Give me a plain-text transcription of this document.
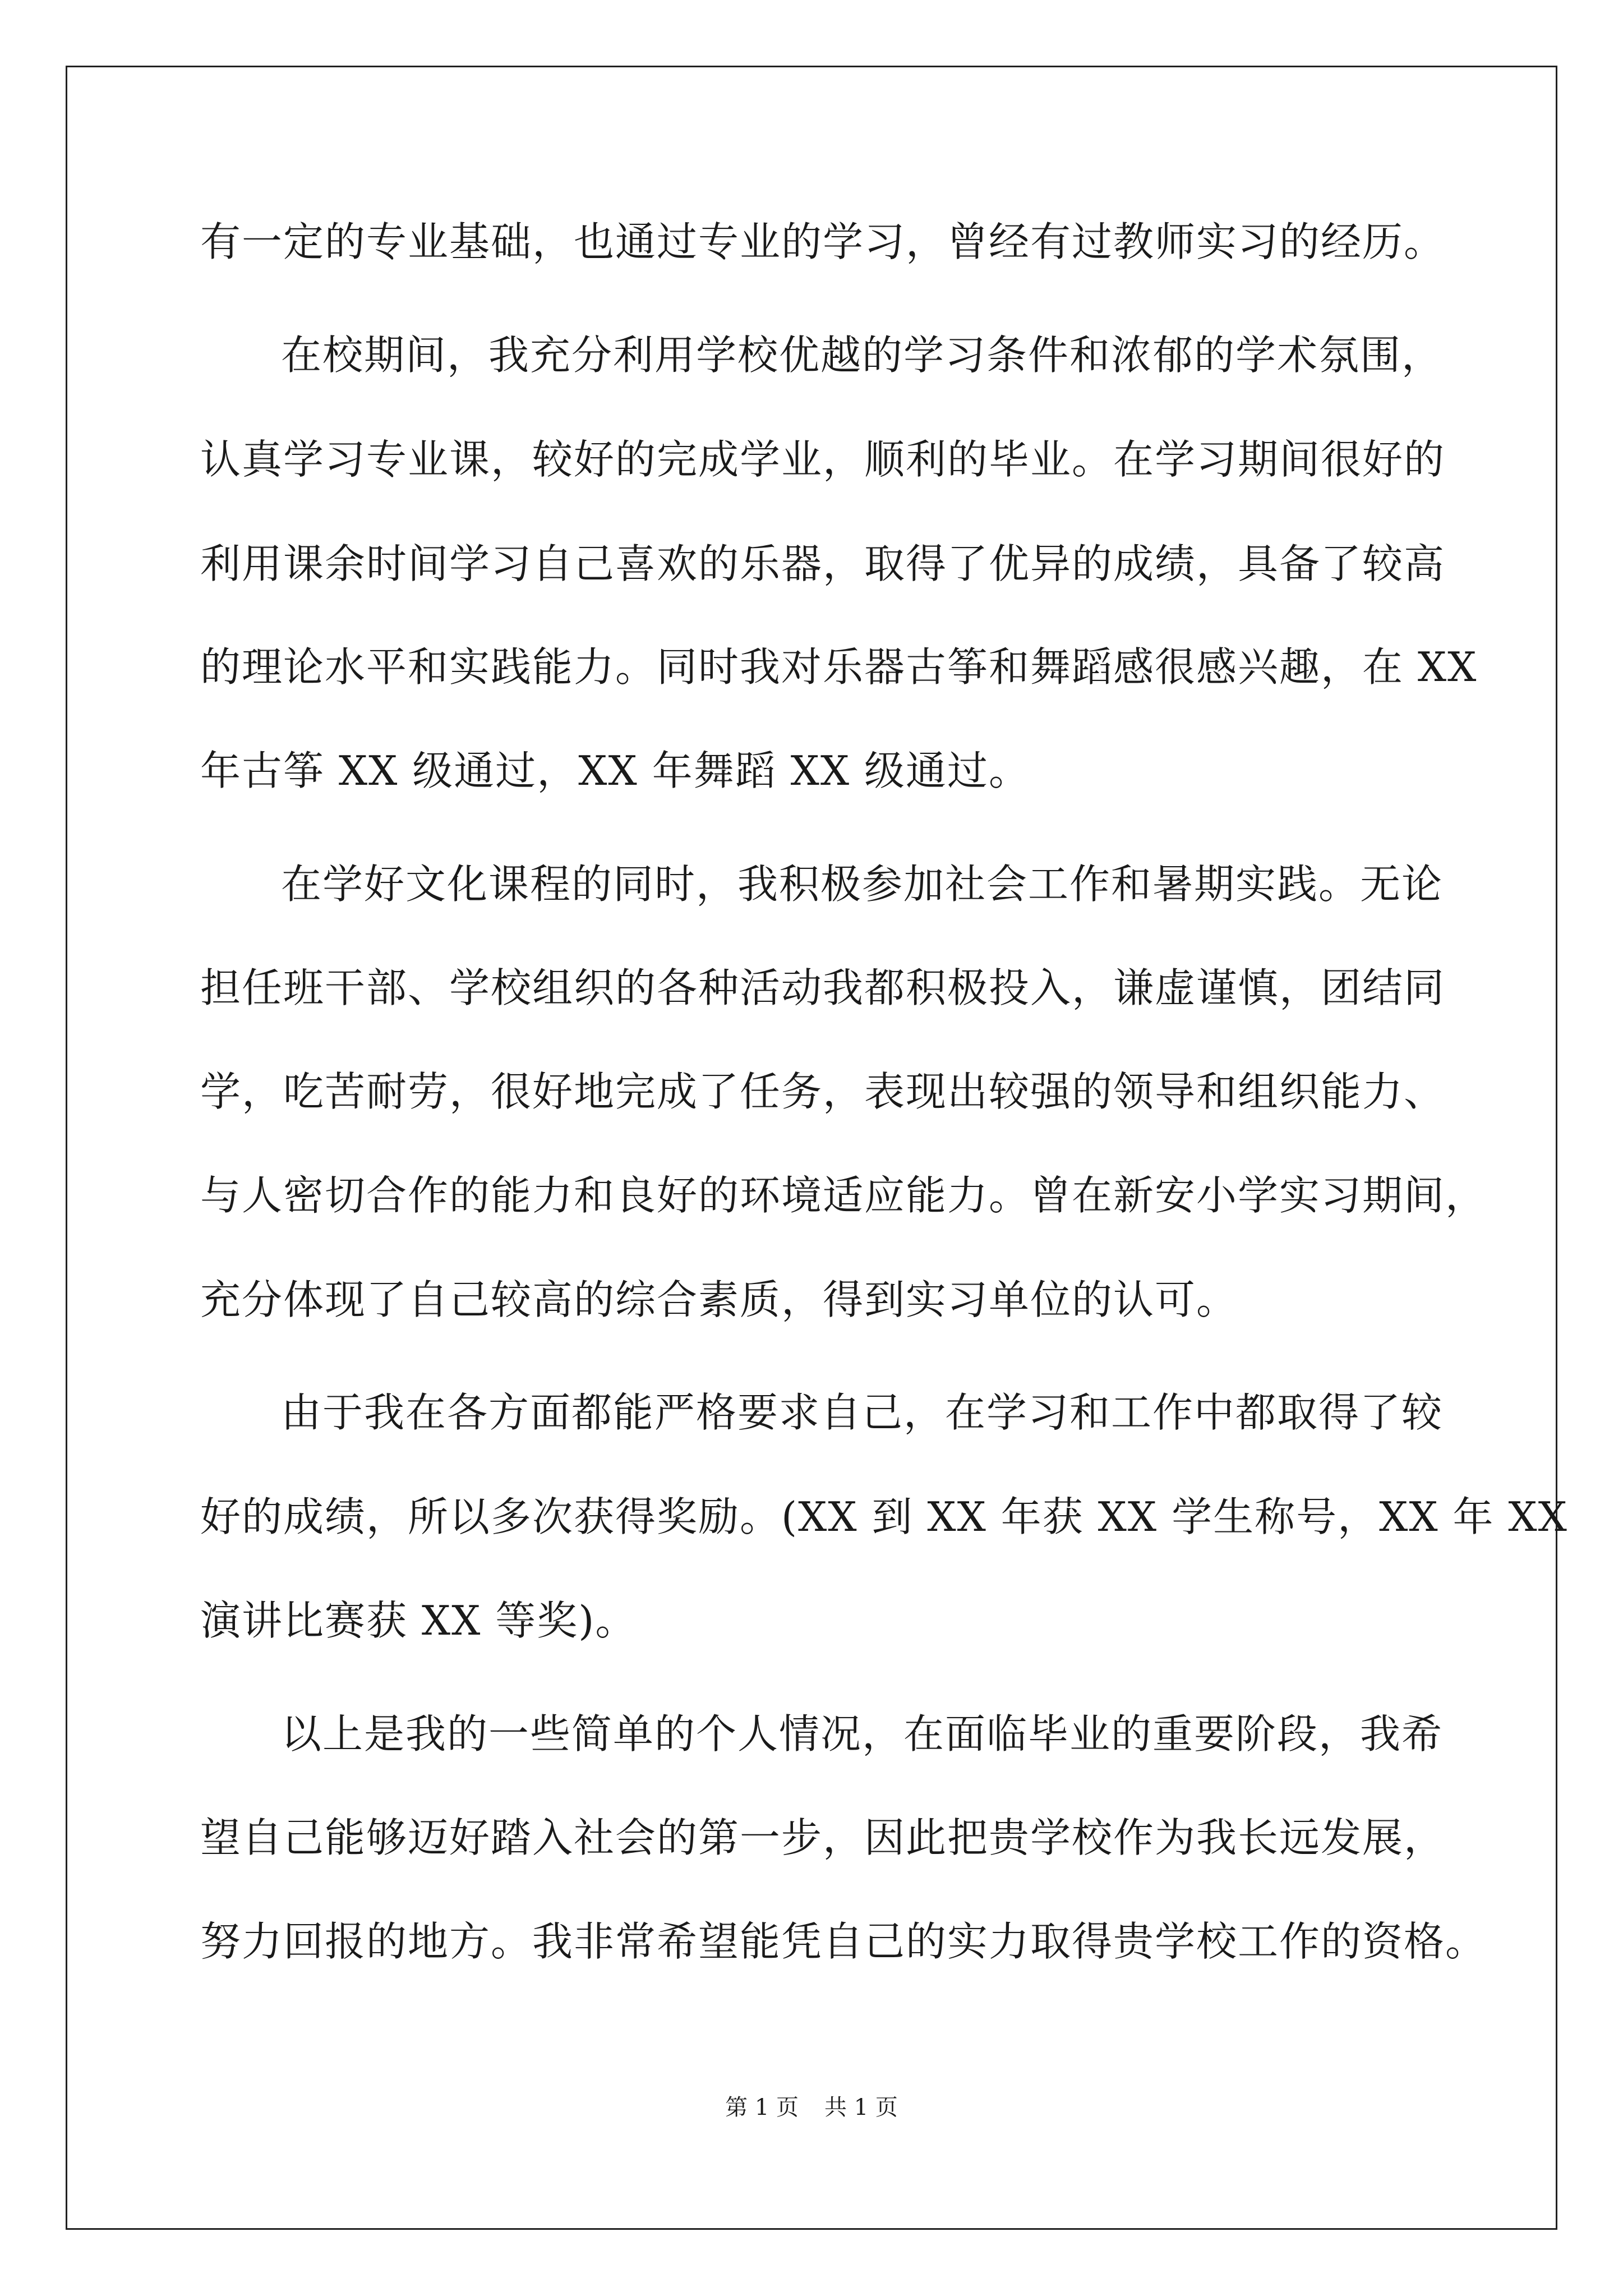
有一定的专业基础，也通过专业的学习，曾经有过教师实习的经历。
在校期间，我充分利用学校优越的学习条件和浓郁的学术氛围，
认真学习专业课，较好的完成学业，顺利的毕业。在学习期间很好的
利用课余时间学习自己喜欢的乐器，取得了优异的成绩，具备了较高
的理论水平和实践能力。同时我对乐器古筝和舞蹈感很感兴趣，在 XX
年古筝 XX 级通过，XX 年舞蹈 XX 级通过。
在学好文化课程的同时，我积极参加社会工作和暑期实践。无论
担任班干部、学校组织的各种活动我都积极投入，谦虚谨慎，团结同
学，吃苦耐劳，很好地完成了任务，表现出较强的领导和组织能力、
与人密切合作的能力和良好的环境适应能力。曾在新安小学实习期间，
充分体现了自己较高的综合素质，得到实习单位的认可。
由于我在各方面都能严格要求自己，在学习和工作中都取得了较
好的成绩，所以多次获得奖励。(XX 到 XX 年获 XX 学生称号，XX 年 XX
演讲比赛获 XX 等奖)。
以上是我的一些简单的个人情况，在面临毕业的重要阶段，我希
望自己能够迈好踏入社会的第一步，因此把贵学校作为我长远发展，
努力回报的地方。我非常希望能凭自己的实力取得贵学校工作的资格。
第 1 页 共 1 页
